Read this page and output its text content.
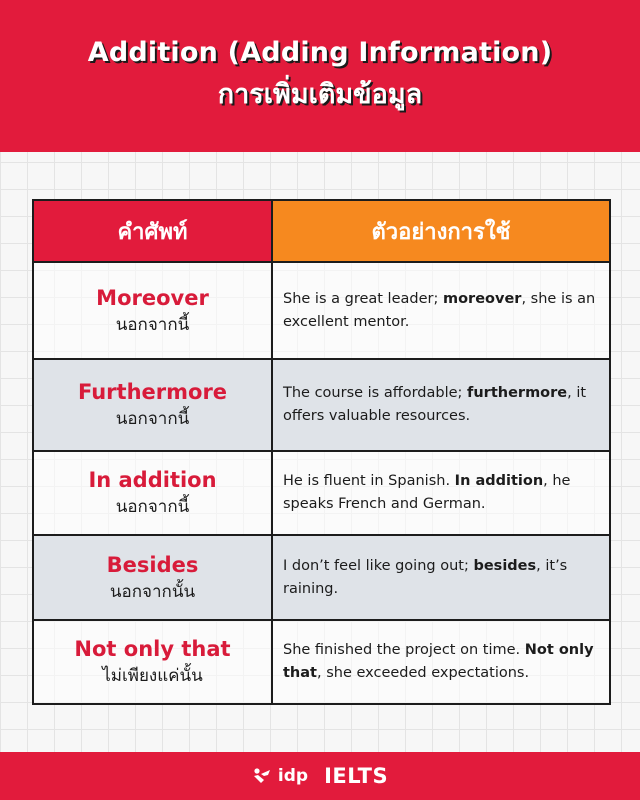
Addition (Adding Information)
การเพิ่มเติมข้อมูล
คำศัพท์	ตัวอย่างการใช้

Moreover
นอกจากนี้	She is a great leader; moreover, she is an excellent mentor.

Furthermore
นอกจากนี้	The course is affordable; furthermore, it offers valuable resources.

In addition
นอกจากนี้	He is fluent in Spanish. In addition, he speaks French and German.

Besides
นอกจากนั้น	I don’t feel like going out; besides, it’s raining.

Not only that
ไม่เพียงแค่นั้น	She finished the project on time. Not only that, she exceeded expectations.
idp IELTS
